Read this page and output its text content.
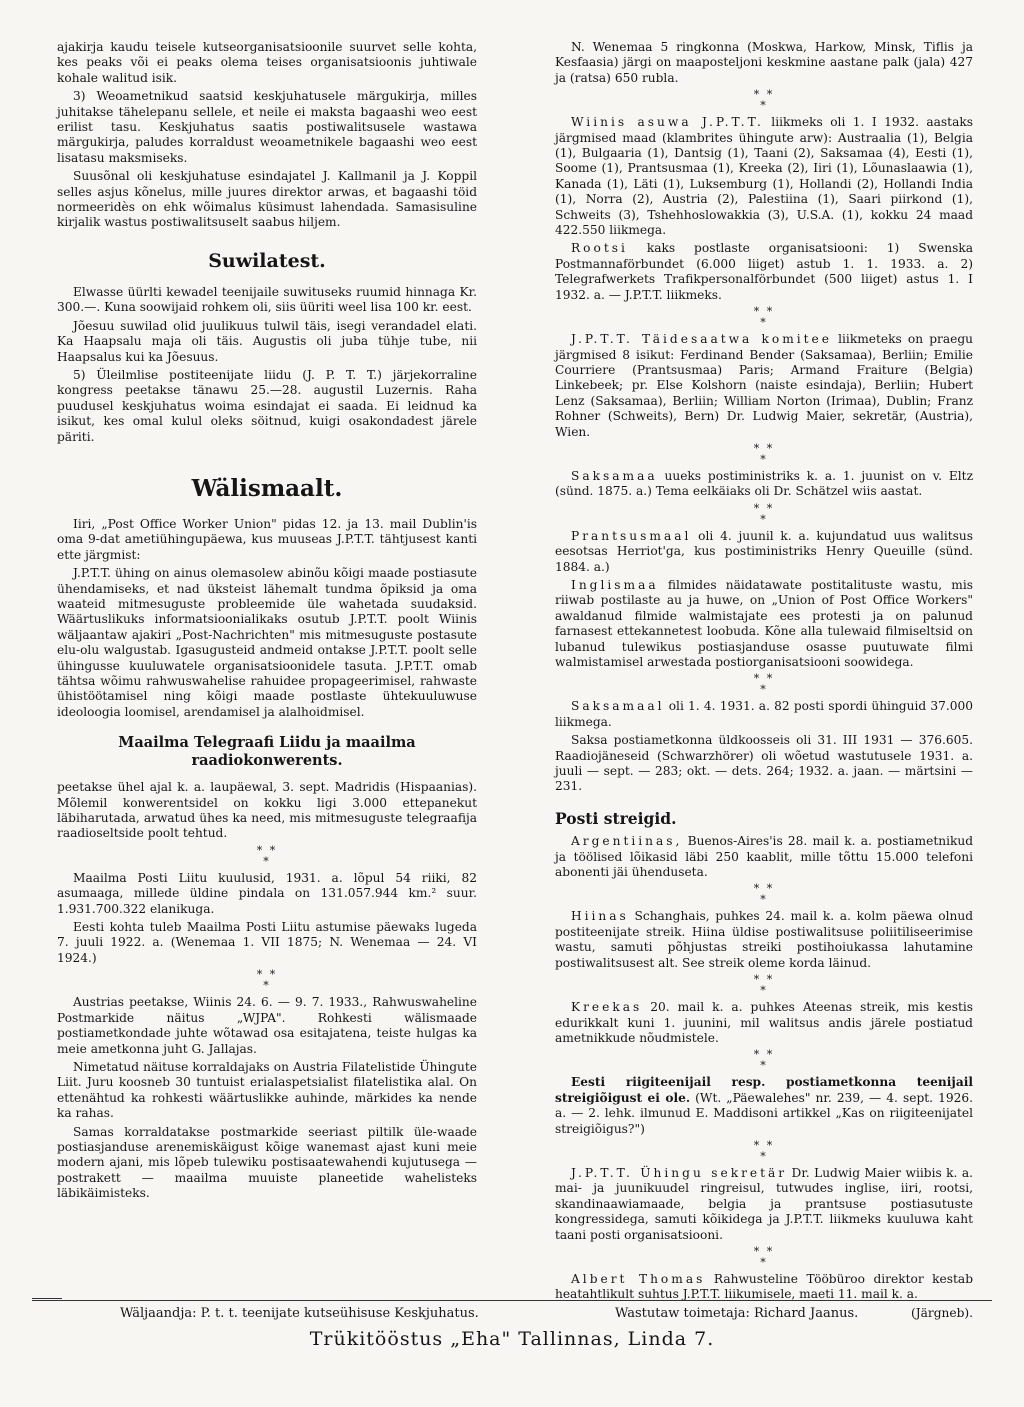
ajakirja kaudu teisele kutseorganisatsioonile suurvet selle kohta, kes peaks või ei peaks olema teises organisatsioonis juhtiwale kohale walitud isik.

3) Weoametnikud saatsid keskjuhatusele märgukirja, milles juhitakse tähelepanu sellele, et neile ei maksta bagaashi weo eest erilist tasu. Keskjuhatus saatis postiwalitsusele wastawa märgukirja, paludes korraldust weoametnikele bagaashi weo eest lisatasu maksmiseks.

Suusõnal oli keskjuhatuse esindajatel J. Kallmanil ja J. Koppil selles asjus kõnelus, mille juures direktor arwas, et bagaashi töid normeeridès on ehk wõimalus küsimust lahendada. Samasisuline kirjalik wastus postiwalitsuselt saabus hiljem.

Suwilatest.

Elwasse üürlti kewadel teenijaile suwituseks ruumid hinnaga Kr. 300.—. Kuna soowijaid rohkem oli, siis üüriti weel lisa 100 kr. eest.

Jõesuu suwilad olid juulikuus tulwil täis, isegi verandadel elati. Ka Haapsalu maja oli täis. Augustis oli juba tühje tube, nii Haapsalus kui ka Jõesuus.

5) Üleilmlise postiteenijate liidu (J. P. T. T.) järjekorraline kongress peetakse tänawu 25.—28. augustil Luzernis. Raha puudusel keskjuhatus woima esindajat ei saada. Ei leidnud ka isikut, kes omal kulul oleks söitnud, kuigi osakondadest järele päriti.

Wälismaalt.

Iiri, „Post Office Worker Union" pidas 12. ja 13. mail Dublin'is oma 9-dat ametiühingupäewa, kus muuseas J.P.T.T. tähtjusest kanti ette järgmist:

J.P.T.T. ühing on ainus olemasolew abinõu kõigi maade postiasute ühendamiseks, et nad üksteist lähemalt tundma õpiksid ja oma waateid mitmesuguste probleemide üle wahetada suudaksid. Wäärtuslikuks informatsioonialikaks osutub J.P.T.T. poolt Wiinis wäljaantaw ajakiri „Post-Nachrichten" mis mitmesuguste postasute elu-olu walgustab. Igasugusteid andmeid ontakse J.P.T.T. poolt selle ühingusse kuuluwatele organisatsioonidele tasuta. J.P.T.T. omab tähtsa wõimu rahwuswahelise rahuidee propageerimisel, rahwaste ühistöötamisel ning kõigi maade postlaste ühtekuuluwuse ideoloogia loomisel, arendamisel ja alalhoidmisel.

Maailma Telegraafi Liidu ja maailma raadiokonwerents.

peetakse ühel ajal k. a. laupäewal, 3. sept. Madridis (Hispaanias). Mõlemil konwerentsidel on kokku ligi 3.000 ettepanekut läbiharutada, arwatud ühes ka need, mis mitmesuguste telegraafija raadioseltside poolt tehtud.

* *
*

Maailma Posti Liitu kuulusid, 1931. a. lõpul 54 riiki, 82 asumaaga, millede üldine pindala on 131.057.944 km.² suur. 1.931.700.322 elanikuga.

Eesti kohta tuleb Maailma Posti Liitu astumise päewaks lugeda 7. juuli 1922. a. (Wenemaa 1. VII 1875; N. Wenemaa — 24. VI 1924.)

* *
*

Austrias peetakse, Wiinis 24. 6. — 9. 7. 1933., Rahwuswaheline Postmarkide näitus „WJPA". Rohkesti wälismaade postiametkondade juhte wõtawad osa esitajatena, teiste hulgas ka meie ametkonna juht G. Jallajas.

Nimetatud näituse korraldajaks on Austria Filatelistide Ühingute Liit. Juru koosneb 30 tuntuist erialaspetsialist filatelistika alal. On ettenähtud ka rohkesti wäärtuslikke auhinde, märkides ka nende ka rahas.

Samas korraldatakse postmarkide seeriast piltilk üle-waade postiasjandusе arenemiskäigust kõige wanemast ajast kuni meie modern ajani, mis lõpeb tulewiku postisaatewahendi kujutusega — postrakett — maailma muuiste planeetide wahelisteks läbikäimisteks.

N. Wenemaa 5 ringkonna (Moskwa, Harkow, Minsk, Tiflis ja Kesfaasia) järgi on maaposteljoni keskmine aastane palk (jala) 427 ja (ratsa) 650 rubla.

* *
*

Wiinis asuwa J.P.T.T. liikmeks oli 1. I 1932. aastaks järgmised maad (klambrites ühingute arw): Austraalia (1), Belgia (1), Bulgaaria (1), Dantsig (1), Taani (2), Saksamaa (4), Eesti (1), Soome (1), Prantsusmaa (1), Kreeka (2), Iiri (1), Lõunaslaawia (1), Kanada (1), Läti (1), Luksemburg (1), Hollandi (2), Hollandi India (1), Norra (2), Austria (2), Palestiina (1), Saari piirkond (1), Schweits (3), Tshehhoslowakkia (3), U.S.A. (1), kokku 24 maad 422.550 liikmega.

Rootsi kaks postlaste organisatsiooni: 1) Swenska Postmannaförbundet (6.000 liiget) astub 1. 1. 1933. a. 2) Telegrafwerkets Trafikpersonalförbundet (500 liiget) astus 1. I 1932. a. — J.P.T.T. liikmeks.

* *
*

J.P.T.T. Täidesaatwa komitee liikmeteks on praegu järgmised 8 isikut: Ferdinand Bender (Saksamaa), Berliin; Emilie Courriere (Prantsusmaa) Paris; Armand Fraiture (Belgia) Linkebeek; pr. Else Kolshorn (naiste esindaja), Berliin; Hubert Lenz (Saksamaa), Berliin; William Norton (Irimaa), Dublin; Franz Rohner (Schweits), Bern) Dr. Ludwig Maier, sekretär, (Austria), Wien.

* *
*

Saksamaa uueks postiministriks k. a. 1. juunist on v. Eltz (sünd. 1875. a.) Tema eelkäiaks oli Dr. Schätzel wiis aastat.

* *
*

Prantsusmaal oli 4. juunil k. a. kujundatud uus walitsus eesotsas Herriot'ga, kus postiministriks Henry Queuille (sünd. 1884. a.)

Inglismaa filmides näidatawate postitalituste wastu, mis riiwab postilaste au ja huwe, on „Union of Post Office Workers" awaldanud filmide walmistajate ees protesti ja on palunud farnasest ettekannetest loobuda. Kõne alla tulewaid filmiseltsid on lubanud tulewikus postiasjanduse osasse puutuwate filmi walmistamisel arwestada postiorganisatsiooni soowidega.

* *
*

Saksamaal oli 1. 4. 1931. a. 82 posti spordi ühinguid 37.000 liikmega.

Saksa postiametkonna üldkoosseis oli 31. III 1931 — 376.605. Raadiojänesеid (Schwarzhörer) oli wõetud wastutusele 1931. a. juuli — sept. — 283; okt. — dets. 264; 1932. a. jaan. — märtsini — 231.

Posti streigid.

Argentiinas, Buenos-Aires'is 28. mail k. a. postiametnikud ja töölised lõikasid läbi 250 kaablit, mille tõttu 15.000 telefoni abonenti jäi ühenduseta.

* *
*

Hiinas Schanghais, puhkes 24. mail k. a. kolm päewa olnud postiteenijate streik. Hiina üldise postiwalitsuse poliitiliseerimise wastu, samuti põhjustas streiki postihoiukassa lahutamine postiwalitsusest alt. See streik oleme korda läinud.

* *
*

Kreekas 20. mail k. a. puhkes Ateenas streik, mis kestis edurikkalt kuni 1. juunini, mil walitsus andis järele postiatud ametnikkude nõudmistele.

* *
*

Eesti riigiteenijail resp. postiametkonna teenijail streigiõigust ei ole. (Wt. „Päewalehes" nr. 239, — 4. sept. 1926. a. — 2. lehk. ilmunud E. Maddisoni artikkel „Kas on riigiteenijatel streigiõigus?")

* *
*

J.P.T.T. Ühingu sekretär Dr. Ludwig Maier wiibis k. a. mai- ja juunikuudel ringreisul, tutwudes inglise, iiri, rootsi, skandinaawiamaade, belgia ja prantsuse postiasutuste kongressidega, samuti kõikidega ja J.P.T.T. liikmeks kuuluwa kaht taani posti organisatsiooni.

* *
*

Albert Thomas Rahwusteline Tööbüroo direktor kestab heatahtlikult suhtus J.P.T.T. liikumisele, maeti 11. mail k. a.

(Järgneb).
Wäljaandja: P. t. t. teenijate kutseühisuse Keskjuhatus.	Wastutaw toimetaja: Richard Jaanus.
Trükitööstus „Eha" Tallinnas, Linda 7.
